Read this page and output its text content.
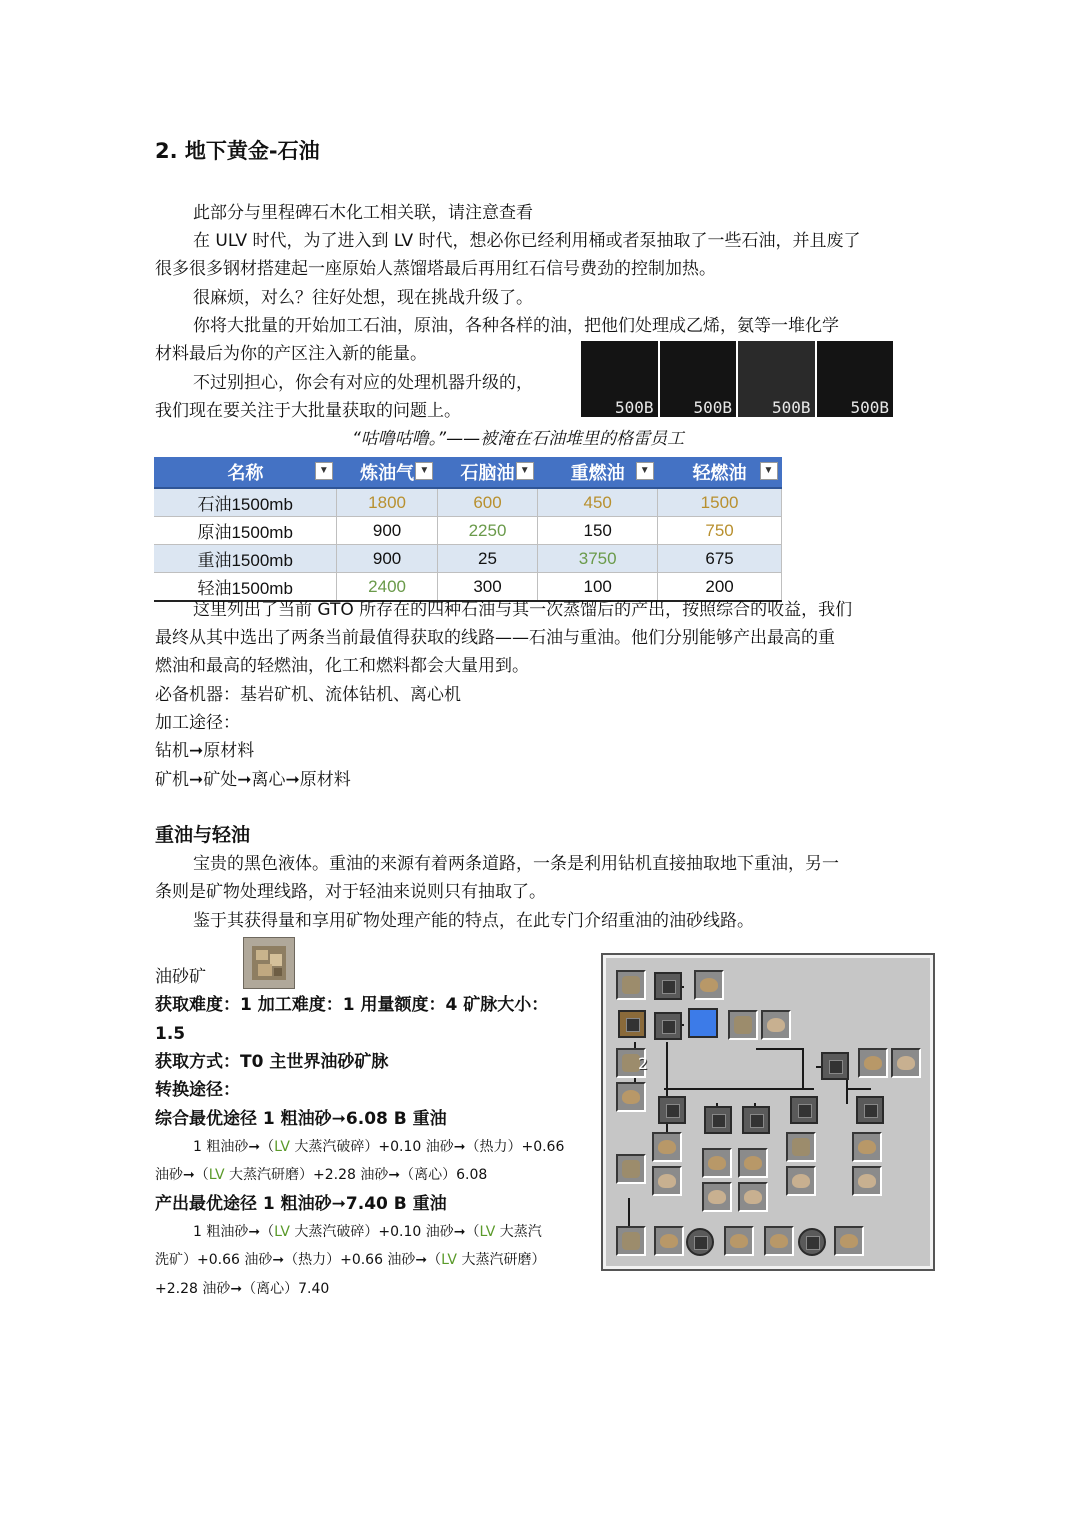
2. 地下黄金-石油
此部分与里程碑石木化工相关联，请注意查看
在 ULV 时代，为了进入到 LV 时代，想必你已经利用桶或者泵抽取了一些石油，并且废了
很多很多钢材搭建起一座原始人蒸馏塔最后再用红石信号费劲的控制加热。
很麻烦，对么？往好处想，现在挑战升级了。
你将大批量的开始加工石油，原油，各种各样的油，把他们处理成乙烯，氨等一堆化学
材料最后为你的产区注入新的能量。
不过别担心，你会有对应的处理机器升级的，
我们现在要关注于大批量获取的问题上。	500B 500B 500B 500B
“咕噜咕噜。”——被淹在石油堆里的格雷员工
名称 ▼	炼油气 ▼	石脑油 ▼	重燃油 ▼	轻燃油 ▼

石油1500mb	1800	600	450	1500
原油1500mb	900	2250	150	750
重油1500mb	900	25	3750	675
轻油1500mb	2400	300	100	200
这里列出了当前 GTO 所存在的四种石油与其一次蒸馏后的产出，按照综合的收益，我们
最终从其中选出了两条当前最值得获取的线路——石油与重油。他们分别能够产出最高的重
燃油和最高的轻燃油，化工和燃料都会大量用到。
必备机器：基岩矿机、流体钻机、离心机
加工途径：
钻机➞原材料
矿机➞矿处➞离心➞原材料
重油与轻油
宝贵的黑色液体。重油的来源有着两条道路，一条是利用钻机直接抽取地下重油，另一
条则是矿物处理线路，对于轻油来说则只有抽取了。
鉴于其获得量和享用矿物处理产能的特点，在此专门介绍重油的油砂线路。
油砂矿
获取难度：1 加工难度：1 用量额度：4 矿脉大小：
1.5
获取方式：T0 主世界油砂矿脉
转换途径：
综合最优途径 1 粗油砂➞6.08 B 重油
1 粗油砂➞（LV 大蒸汽破碎）+0.10 油砂➞（热力）+0.66
油砂➞（LV 大蒸汽研磨）+2.28 油砂➞（离心）6.08
产出最优途径 1 粗油砂➞7.40 B 重油
1 粗油砂➞（LV 大蒸汽破碎）+0.10 油砂➞（LV 大蒸汽
洗矿）+0.66 油砂➞（热力）+0.66 油砂➞（LV 大蒸汽研磨）
+2.28 油砂➞（离心）7.40
2
